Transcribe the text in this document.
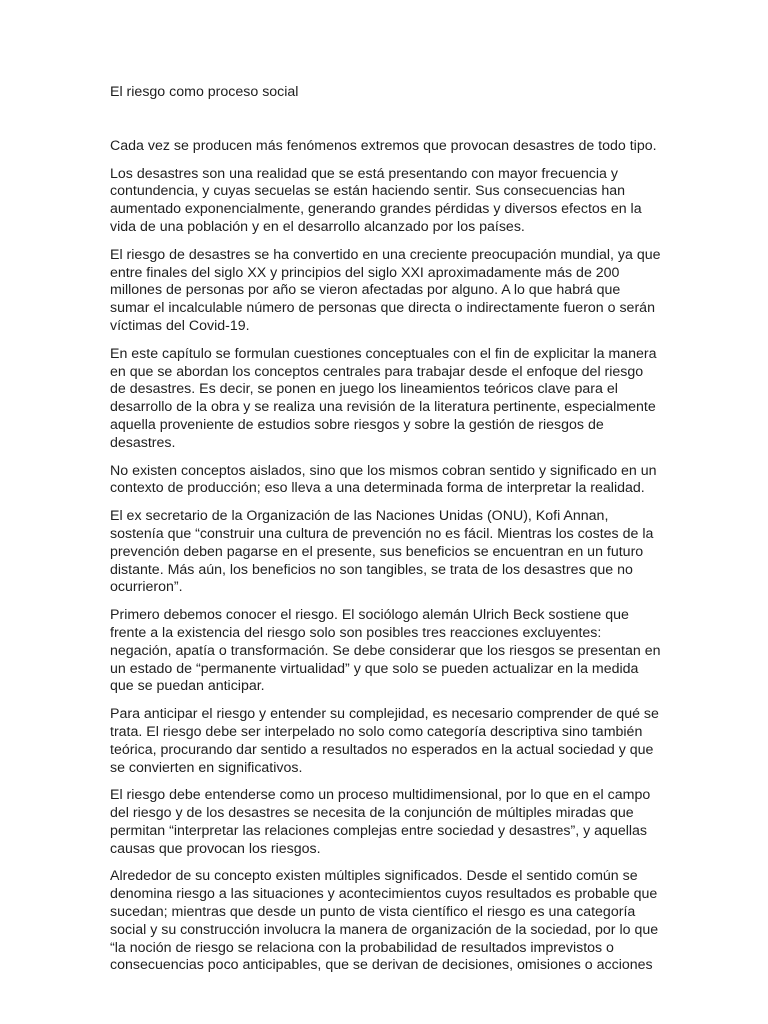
El riesgo como proceso social

Cada vez se producen más fenómenos extremos que provocan desastres de todo tipo.

Los desastres son una realidad que se está presentando con mayor frecuencia y contundencia, y cuyas secuelas se están haciendo sentir. Sus consecuencias han aumentado exponencialmente, generando grandes pérdidas y diversos efectos en la vida de una población y en el desarrollo alcanzado por los países.

El riesgo de desastres se ha convertido en una creciente preocupación mundial, ya que entre finales del siglo XX y principios del siglo XXI aproximadamente más de 200 millones de personas por año se vieron afectadas por alguno. A lo que habrá que sumar el incalculable número de personas que directa o indirectamente fueron o serán víctimas del Covid-19.

En este capítulo se formulan cuestiones conceptuales con el fin de explicitar la manera en que se abordan los conceptos centrales para trabajar desde el enfoque del riesgo de desastres. Es decir, se ponen en juego los lineamientos teóricos clave para el desarrollo de la obra y se realiza una revisión de la literatura pertinente, especialmente aquella proveniente de estudios sobre riesgos y sobre la gestión de riesgos de desastres.

No existen conceptos aislados, sino que los mismos cobran sentido y significado en un contexto de producción; eso lleva a una determinada forma de interpretar la realidad.

El ex secretario de la Organización de las Naciones Unidas (ONU), Kofi Annan, sostenía que “construir una cultura de prevención no es fácil. Mientras los costes de la prevención deben pagarse en el presente, sus beneficios se encuentran en un futuro distante. Más aún, los beneficios no son tangibles, se trata de los desastres que no ocurrieron”.

Primero debemos conocer el riesgo. El sociólogo alemán Ulrich Beck sostiene que frente a la existencia del riesgo solo son posibles tres reacciones excluyentes: negación, apatía o transformación. Se debe considerar que los riesgos se presentan en un estado de “permanente virtualidad” y que solo se pueden actualizar en la medida que se puedan anticipar.

Para anticipar el riesgo y entender su complejidad, es necesario comprender de qué se trata. El riesgo debe ser interpelado no solo como categoría descriptiva sino también teórica, procurando dar sentido a resultados no esperados en la actual sociedad y que se convierten en significativos.

El riesgo debe entenderse como un proceso multidimensional, por lo que en el campo del riesgo y de los desastres se necesita de la conjunción de múltiples miradas que permitan “interpretar las relaciones complejas entre sociedad y desastres”, y aquellas causas que provocan los riesgos.

Alrededor de su concepto existen múltiples significados. Desde el sentido común se denomina riesgo a las situaciones y acontecimientos cuyos resultados es probable que sucedan; mientras que desde un punto de vista científico el riesgo es una categoría social y su construcción involucra la manera de organización de la sociedad, por lo que “la noción de riesgo se relaciona con la probabilidad de resultados imprevistos o consecuencias poco anticipables, que se derivan de decisiones, omisiones o acciones
